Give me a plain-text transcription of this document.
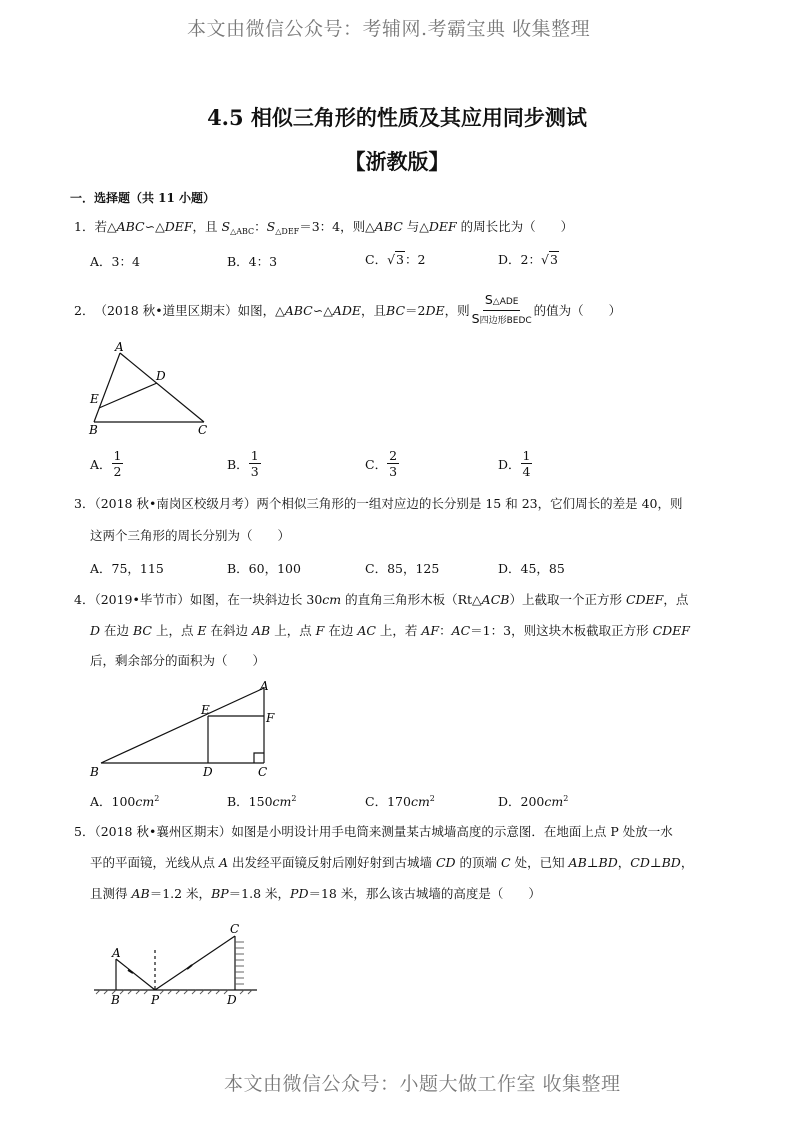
本文由微信公众号：考辅网.考霸宝典 收集整理
4.5 相似三角形的性质及其应用同步测试
【浙教版】
一．选择题（共 11 小题）
1．若△ABC∽△DEF，且 $S_{\triangle ABC}$：$S_{\triangle DEF}=3$：4，则△ABC 与△DEF 的周长比为（　　）
A．3：4	B．4：3	C．√3：2	D．2：√3
2． （2018 秋•道里区期末）如图，△ ABC ∽△ ADE ，且 BC ＝2 DE ，则 $\frac{\text{S△ADE}}{\text{S四边形BEDC}}$ 的值为（　　）
A
D
E
B	C
A． $\frac{1}{2}$	B． $\frac{1}{3}$	C． $\frac{2}{3}$	D． $\frac{1}{4}$
3．（2018 秋•南岗区校级月考）两个相似三角形的一组对应边的长分别是 15 和 23，它们周长的差是 40，则
这两个三角形的周长分别为（　　）
A．75，115	B．60，100	C．85，125	D．45，85
4．（2019•毕节市）如图，在一块斜边长 30cm 的直角三角形木板（Rt△ACB）上截取一个正方形 CDEF，点
D 在边 BC 上，点 E 在斜边 AB 上，点 F 在边 AC 上，若 AF：AC＝1：3，则这块木板截取正方形 CDEF
后，剩余部分的面积为（　　）
A
E
F
B	D	C
A．$100cm^2$	B．$150cm^2$	C．$170cm^2$	D．$200cm^2$
5．（2018 秋•襄州区期末）如图是小明设计用手电筒来测量某古城墙高度的示意图．在地面上点 P 处放一水
平的平面镜，光线从点 A 出发经平面镜反射后刚好射到古城墙 CD 的顶端 C 处，已知 AB⊥BD，CD⊥BD，
且测得 AB＝1.2 米，BP＝1.8 米，PD＝18 米，那么该古城墙的高度是（　　）
A
B	P	D
C
本文由微信公众号：小题大做工作室 收集整理
